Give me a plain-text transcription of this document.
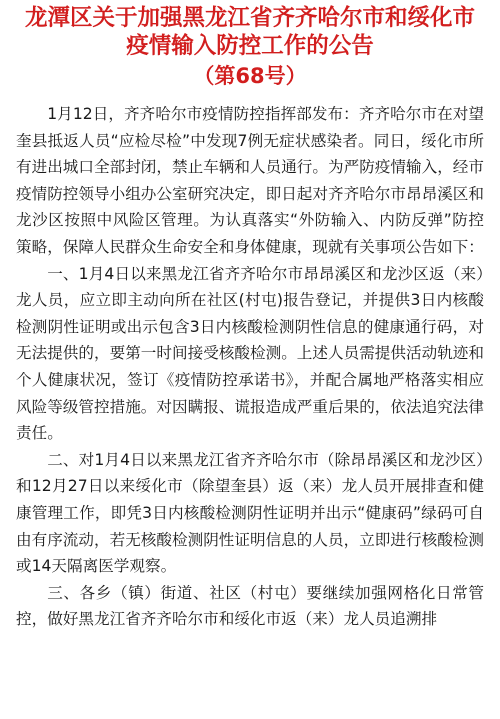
龙潭区关于加强黑龙江省齐齐哈尔市和绥化市
疫情输入防控工作的公告
（第68号）

1月12日，齐齐哈尔市疫情防控指挥部发布：齐齐哈尔市在对望奎县抵返人员“应检尽检”中发现7例无症状感染者。同日，绥化市所有进出城口全部封闭，禁止车辆和人员通行。为严防疫情输入，经市疫情防控领导小组办公室研究决定，即日起对齐齐哈尔市昂昂溪区和龙沙区按照中风险区管理。为认真落实“外防输入、内防反弹”防控策略，保障人民群众生命安全和身体健康，现就有关事项公告如下：

一、1月4日以来黑龙江省齐齐哈尔市昂昂溪区和龙沙区返（来）龙人员，应立即主动向所在社区(村屯)报告登记，并提供3日内核酸检测阴性证明或出示包含3日内核酸检测阴性信息的健康通行码，对无法提供的，要第一时间接受核酸检测。上述人员需提供活动轨迹和个人健康状况，签订《疫情防控承诺书》，并配合属地严格落实相应风险等级管控措施。对因瞒报、谎报造成严重后果的，依法追究法律责任。

二、对1月4日以来黑龙江省齐齐哈尔市（除昂昂溪区和龙沙区）和12月27日以来绥化市（除望奎县）返（来）龙人员开展排查和健康管理工作，即凭3日内核酸检测阴性证明并出示“健康码”绿码可自由有序流动，若无核酸检测阴性证明信息的人员，立即进行核酸检测或14天隔离医学观察。

三、各乡（镇）街道、社区（村屯）要继续加强网格化日常管控，做好黑龙江省齐齐哈尔市和绥化市返（来）龙人员追溯排
